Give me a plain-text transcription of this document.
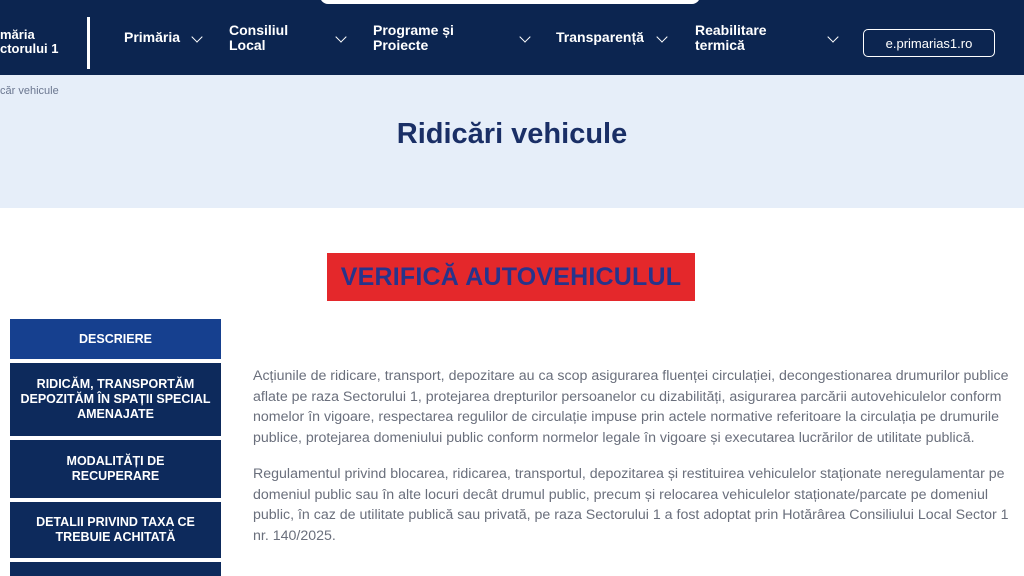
măria
ctorului 1
Primăria	Consiliul
Local
Programe și
Proiecte	Transparență	Reabilitare
termică	e.primarias1.ro
căr vehicule
Ridicări vehicule
VERIFICĂ AUTOVEHICULUL
DESCRIERE
RIDICĂM, TRANSPORTĂM DEPOZITĂM ÎN SPAȚII SPECIAL AMENAJATE
MODALITĂȚI DE RECUPERARE
DETALII PRIVIND TAXA CE TREBUIE ACHITATĂ

Acțiunile de ridicare, transport, depozitare au ca scop asigurarea fluenței circulației, decongestionarea drumurilor publice aflate pe raza Sectorului 1, protejarea drepturilor persoanelor cu dizabilități, asigurarea parcării autovehiculelor conform nomelor în vigoare, respectarea regulilor de circulație impuse prin actele normative referitoare la circulația pe drumurile publice, protejarea domeniului public conform normelor legale în vigoare și executarea lucrărilor de utilitate publică.

Regulamentul privind blocarea, ridicarea, transportul, depozitarea și restituirea vehiculelor staționate neregulamentar pe domeniul public sau în alte locuri decât drumul public, precum și relocarea vehiculelor staționate/parcate pe domeniul public, în caz de utilitate publică sau privată, pe raza Sectorului 1 a fost adoptat prin Hotărârea Consiliului Local Sector 1 nr. 140/2025.
